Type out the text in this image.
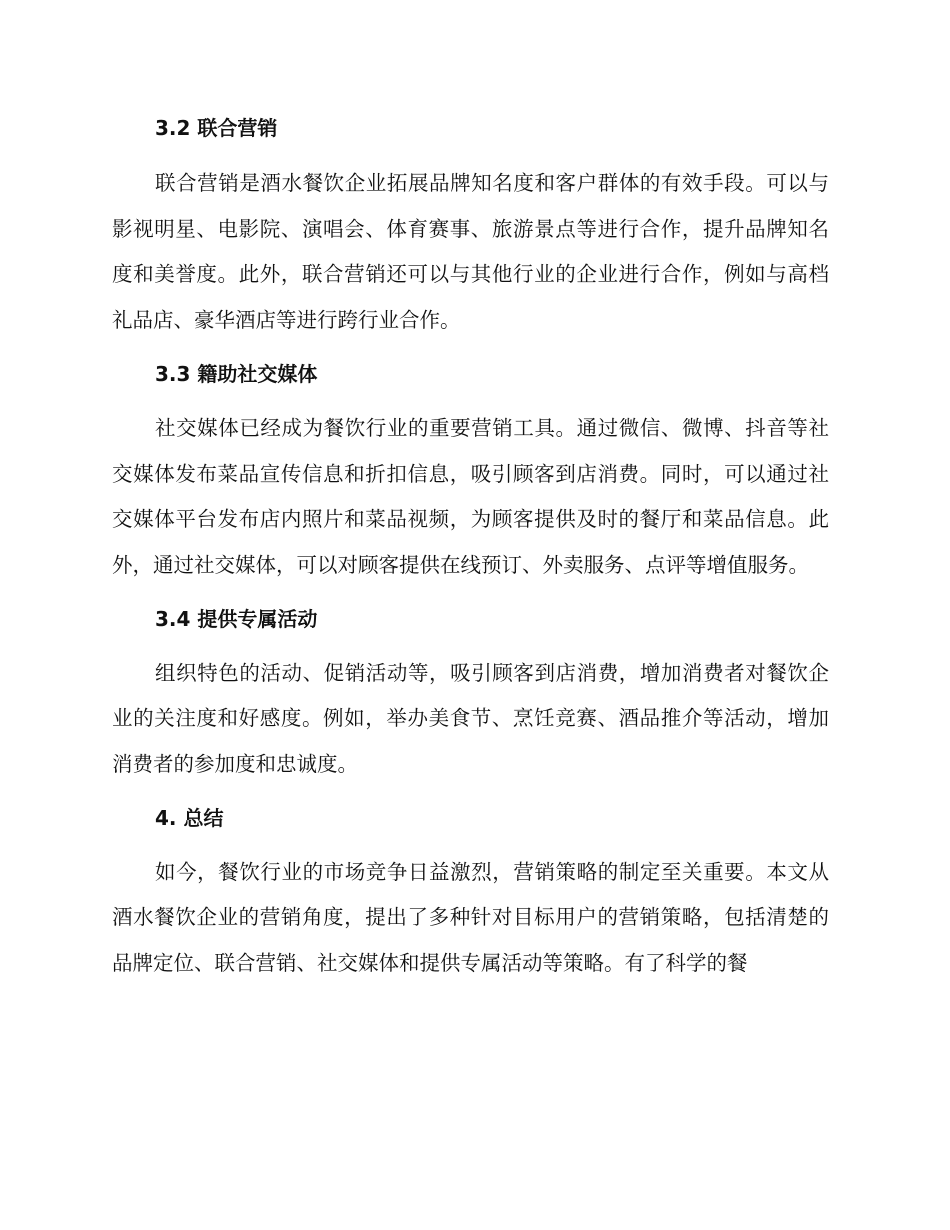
3.2 联合营销

联合营销是酒水餐饮企业拓展品牌知名度和客户群体的有效手段。可以与影视明星、电影院、演唱会、体育赛事、旅游景点等进行合作，提升品牌知名度和美誉度。此外，联合营销还可以与其他行业的企业进行合作，例如与高档礼品店、豪华酒店等进行跨行业合作。

3.3 籍助社交媒体

社交媒体已经成为餐饮行业的重要营销工具。通过微信、微博、抖音等社交媒体发布菜品宣传信息和折扣信息，吸引顾客到店消费。同时，可以通过社交媒体平台发布店内照片和菜品视频，为顾客提供及时的餐厅和菜品信息。此外，通过社交媒体，可以对顾客提供在线预订、外卖服务、点评等增值服务。

3.4 提供专属活动

组织特色的活动、促销活动等，吸引顾客到店消费，增加消费者对餐饮企业的关注度和好感度。例如，举办美食节、烹饪竞赛、酒品推介等活动，增加消费者的参加度和忠诚度。

4. 总结

如今，餐饮行业的市场竞争日益激烈，营销策略的制定至关重要。本文从酒水餐饮企业的营销角度，提出了多种针对目标用户的营销策略，包括清楚的品牌定位、联合营销、社交媒体和提供专属活动等策略。有了科学的餐
